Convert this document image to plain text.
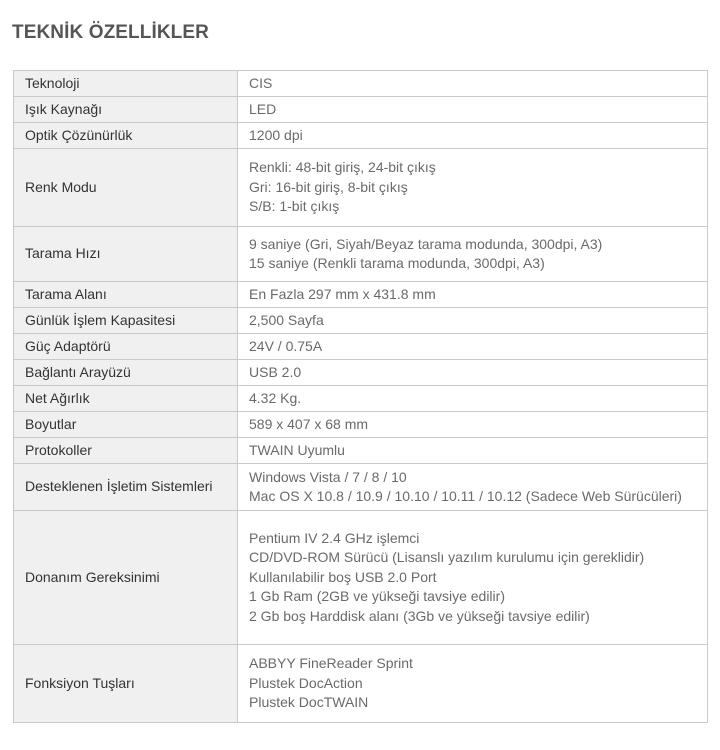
TEKNİK ÖZELLİKLER
Teknoloji	CIS

Işık Kaynağı	LED

Optik Çözünürlük	1200 dpi

Renk Modu	Renkli: 48-bit giriş, 24-bit çıkış
Gri: 16-bit giriş, 8-bit çıkış
S/B: 1-bit çıkış

Tarama Hızı	9 saniye (Gri, Siyah/Beyaz tarama modunda, 300dpi, A3)
15 saniye (Renkli tarama modunda, 300dpi, A3)

Tarama Alanı	En Fazla 297 mm x 431.8 mm

Günlük İşlem Kapasitesi	2,500 Sayfa

Güç Adaptörü	24V / 0.75A

Bağlantı Arayüzü	USB 2.0

Net Ağırlık	4.32 Kg.

Boyutlar	589 x 407 x 68 mm

Protokoller	TWAIN Uyumlu

Desteklenen İşletim Sistemleri	Windows Vista / 7 / 8 / 10
Mac OS X 10.8 / 10.9 / 10.10 / 10.11 / 10.12 (Sadece Web Sürücüleri)

Donanım Gereksinimi	Pentium IV 2.4 GHz işlemci
CD/DVD-ROM Sürücü (Lisanslı yazılım kurulumu için gereklidir)
Kullanılabilir boş USB 2.0 Port
1 Gb Ram (2GB ve yükseği tavsiye edilir)
2 Gb boş Harddisk alanı (3Gb ve yükseği tavsiye edilir)

Fonksiyon Tuşları	ABBYY FineReader Sprint
Plustek DocAction
Plustek DocTWAIN
